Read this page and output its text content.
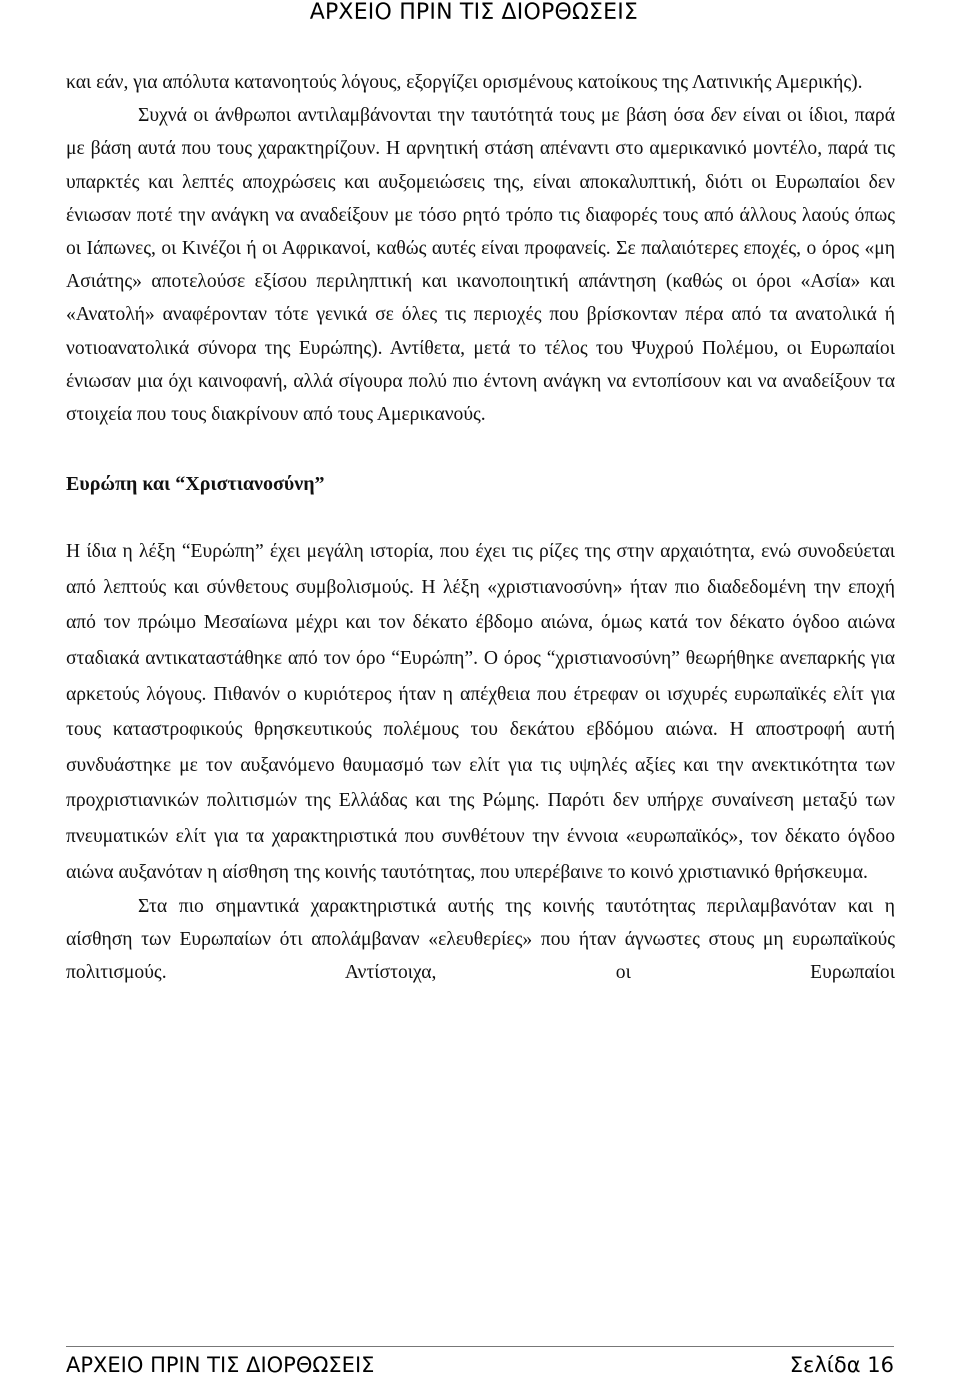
ΑΡΧΕΙΟ ΠΡΙΝ ΤΙΣ ΔΙΟΡΘΩΣΕΙΣ

και εάν, για απόλυτα κατανοητούς λόγους, εξοργίζει ορισμένους κατοίκους της Λατινικής Αμερικής).

Συχνά οι άνθρωποι αντιλαμβάνονται την ταυτότητά τους με βάση όσα δεν είναι οι ίδιοι, παρά με βάση αυτά που τους χαρακτηρίζουν. Η αρνητική στάση απέναντι στο αμερικανικό μοντέλο, παρά τις υπαρκτές και λεπτές αποχρώσεις και αυξομειώσεις της, είναι αποκαλυπτική, διότι οι Ευρωπαίοι δεν ένιωσαν ποτέ την ανάγκη να αναδείξουν με τόσο ρητό τρόπο τις διαφορές τους από άλλους λαούς όπως οι Ιάπωνες, οι Κινέζοι ή οι Αφρικανοί, καθώς αυτές είναι προφανείς. Σε παλαιότερες εποχές, ο όρος «μη Ασιάτης» αποτελούσε εξίσου περιληπτική και ικανοποιητική απάντηση (καθώς οι όροι «Ασία» και «Ανατολή» αναφέρονταν τότε γενικά σε όλες τις περιοχές που βρίσκονταν πέρα από τα ανατολικά ή νοτιοανατολικά σύνορα της Ευρώπης). Αντίθετα, μετά το τέλος του Ψυχρού Πολέμου, οι Ευρωπαίοι ένιωσαν μια όχι καινοφανή, αλλά σίγουρα πολύ πιο έντονη ανάγκη να εντοπίσουν και να αναδείξουν τα στοιχεία που τους διακρίνουν από τους Αμερικανούς.

Ευρώπη και “Χριστιανοσύνη”

Η ίδια η λέξη “Ευρώπη” έχει μεγάλη ιστορία, που έχει τις ρίζες της στην αρχαιότητα, ενώ συνοδεύεται από λεπτούς και σύνθετους συμβολισμούς. Η λέξη «χριστιανοσύνη» ήταν πιο διαδεδομένη την εποχή από τον πρώιμο Μεσαίωνα μέχρι και τον δέκατο έβδομο αιώνα, όμως κατά τον δέκατο όγδοο αιώνα σταδιακά αντικαταστάθηκε από τον όρο “Ευρώπη”. Ο όρος “χριστιανοσύνη” θεωρήθηκε ανεπαρκής για αρκετούς λόγους. Πιθανόν ο κυριότερος ήταν η απέχθεια που έτρεφαν οι ισχυρές ευρωπαϊκές ελίτ για τους καταστροφικούς θρησκευτικούς πολέμους του δεκάτου εβδόμου αιώνα. Η αποστροφή αυτή συνδυάστηκε με τον αυξανόμενο θαυμασμό των ελίτ για τις υψηλές αξίες και την ανεκτικότητα των προχριστιανικών πολιτισμών της Ελλάδας και της Ρώμης. Παρότι δεν υπήρχε συναίνεση μεταξύ των πνευματικών ελίτ για τα χαρακτηριστικά που συνθέτουν την έννοια «ευρωπαϊκός», τον δέκατο όγδοο αιώνα αυξανόταν η αίσθηση της κοινής ταυτότητας, που υπερέβαινε το κοινό χριστιανικό θρήσκευμα.

Στα πιο σημαντικά χαρακτηριστικά αυτής της κοινής ταυτότητας περιλαμβανόταν και η αίσθηση των Ευρωπαίων ότι απολάμβαναν «ελευθερίες» που ήταν άγνωστες στους μη ευρωπαϊκούς πολιτισμούς. Αντίστοιχα, οι Ευρωπαίοι

ΑΡΧΕΙΟ ΠΡΙΝ ΤΙΣ ΔΙΟΡΘΩΣΕΙΣ	Σελίδα 16
